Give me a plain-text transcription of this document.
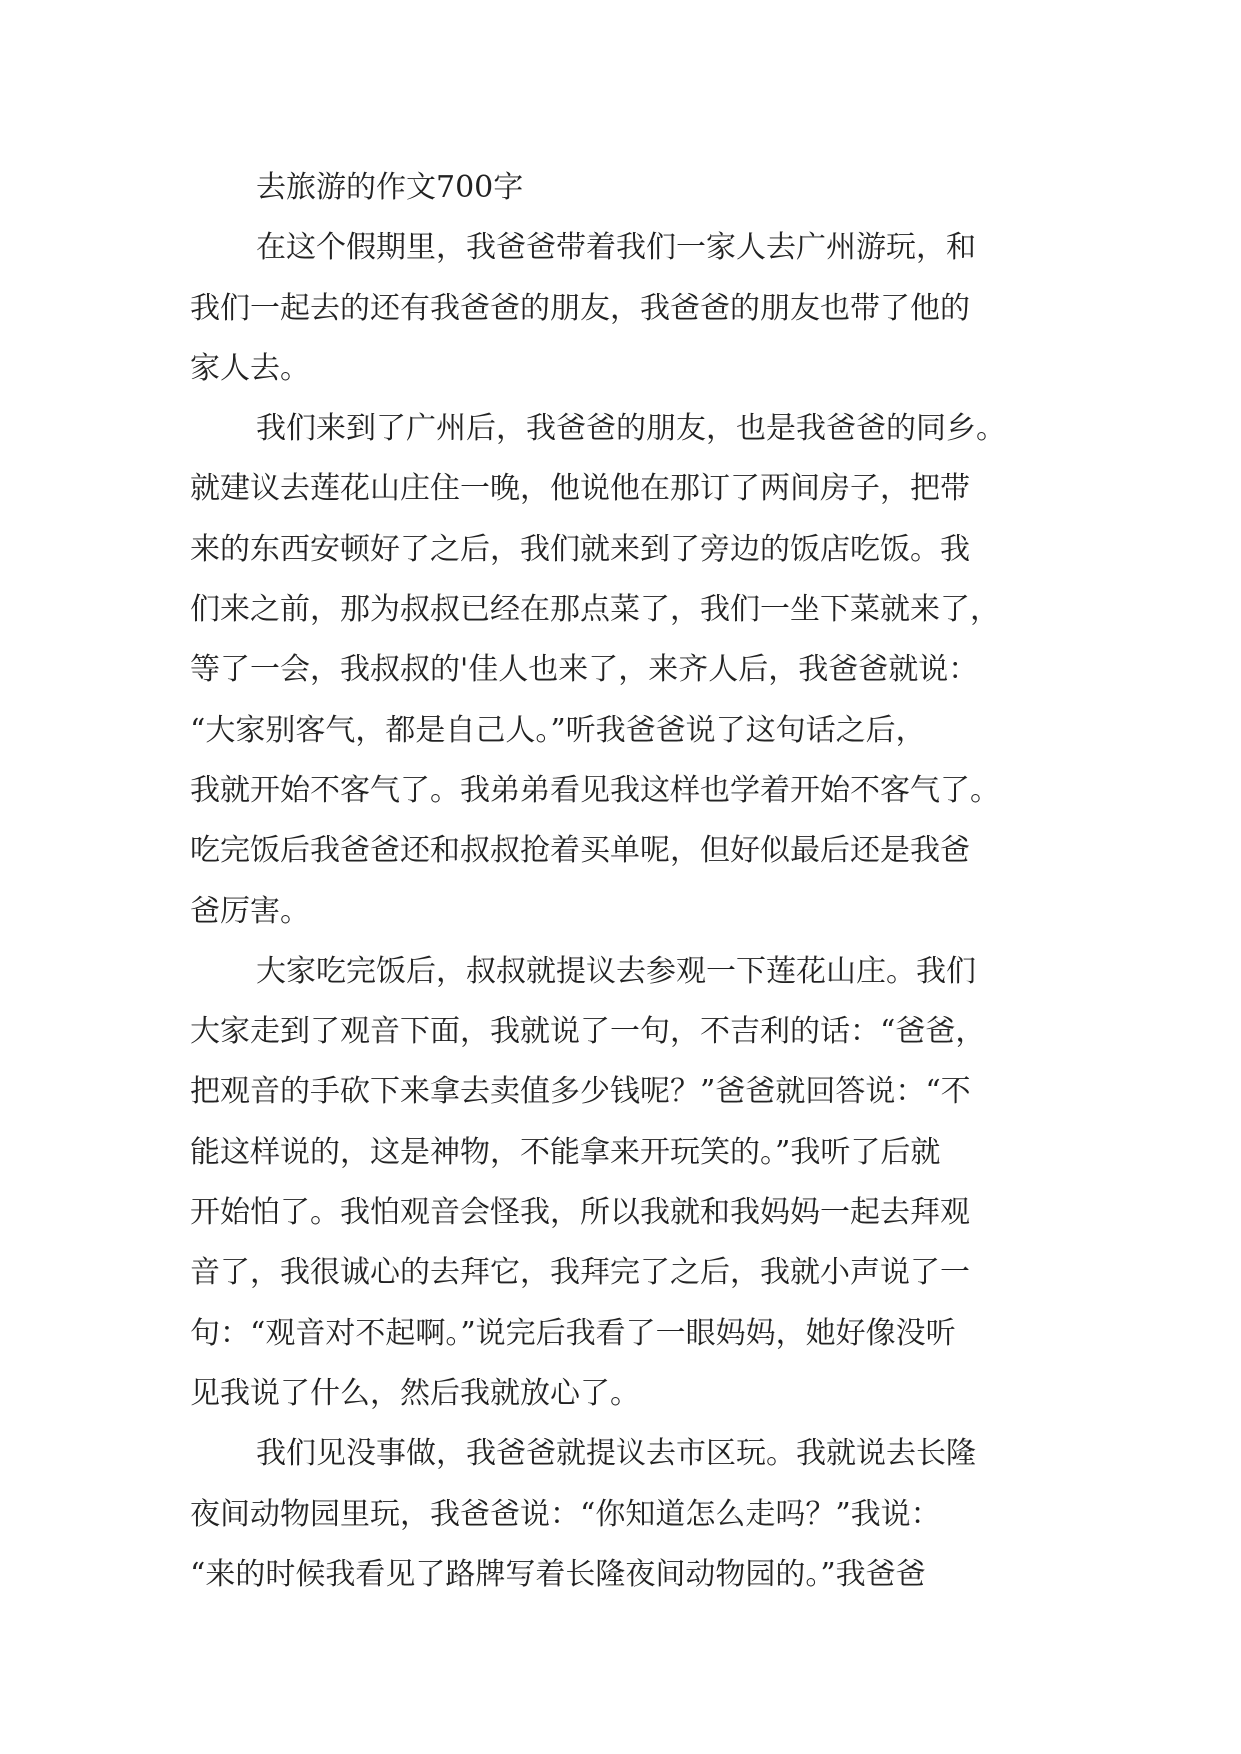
去旅游的作文700字
在这个假期里，我爸爸带着我们一家人去广州游玩，和
我们一起去的还有我爸爸的朋友，我爸爸的朋友也带了他的
家人去。
我们来到了广州后，我爸爸的朋友，也是我爸爸的同乡。
就建议去莲花山庄住一晚，他说他在那订了两间房子，把带
来的东西安顿好了之后，我们就来到了旁边的饭店吃饭。我
们来之前，那为叔叔已经在那点菜了，我们一坐下菜就来了，
等了一会，我叔叔的'佳人也来了，来齐人后，我爸爸就说：
“大家别客气，都是自己人。”听我爸爸说了这句话之后，
我就开始不客气了。我弟弟看见我这样也学着开始不客气了。
吃完饭后我爸爸还和叔叔抢着买单呢，但好似最后还是我爸
爸厉害。
大家吃完饭后，叔叔就提议去参观一下莲花山庄。我们
大家走到了观音下面，我就说了一句，不吉利的话：“爸爸，
把观音的手砍下来拿去卖值多少钱呢？”爸爸就回答说：“不
能这样说的，这是神物，不能拿来开玩笑的。”我听了后就
开始怕了。我怕观音会怪我，所以我就和我妈妈一起去拜观
音了，我很诚心的去拜它，我拜完了之后，我就小声说了一
句：“观音对不起啊。”说完后我看了一眼妈妈，她好像没听
见我说了什么，然后我就放心了。
我们见没事做，我爸爸就提议去市区玩。我就说去长隆
夜间动物园里玩，我爸爸说：“你知道怎么走吗？”我说：
“来的时候我看见了路牌写着长隆夜间动物园的。”我爸爸
